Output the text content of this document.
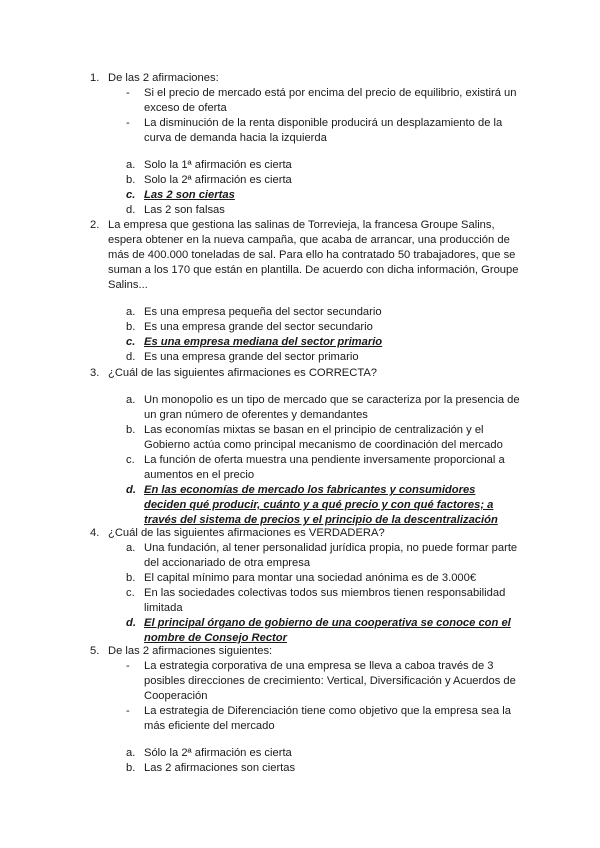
1. De las 2 afirmaciones:
- Si el precio de mercado está por encima del precio de equilibrio, existirá un exceso de oferta
- La disminución de la renta disponible producirá un desplazamiento de la curva de demanda hacia la izquierda
a. Solo la 1ª afirmación es cierta
b. Solo la 2ª afirmación es cierta
c. Las 2 son ciertas
d. Las 2 son falsas
2. La empresa que gestiona las salinas de Torrevieja, la francesa Groupe Salins, espera obtener en la nueva campaña, que acaba de arrancar, una producción de más de 400.000 toneladas de sal. Para ello ha contratado 50 trabajadores, que se suman a los 170 que están en plantilla. De acuerdo con dicha información, Groupe Salins...
a. Es una empresa pequeña del sector secundario
b. Es una empresa grande del sector secundario
c. Es una empresa mediana del sector primario
d. Es una empresa grande del sector primario
3. ¿Cuál de las siguientes afirmaciones es CORRECTA?
a. Un monopolio es un tipo de mercado que se caracteriza por la presencia de un gran número de oferentes y demandantes
b. Las economías mixtas se basan en el principio de centralización y el Gobierno actúa como principal mecanismo de coordinación del mercado
c. La función de oferta muestra una pendiente inversamente proporcional a aumentos en el precio
d. En las economías de mercado los fabricantes y consumidores deciden qué producir, cuánto y a qué precio y con qué factores; a través del sistema de precios y el principio de la descentralización
4. ¿Cuál de las siguientes afirmaciones es VERDADERA?
a. Una fundación, al tener personalidad jurídica propia, no puede formar parte del accionariado de otra empresa
b. El capital mínimo para montar una sociedad anónima es de 3.000€
c. En las sociedades colectivas todos sus miembros tienen responsabilidad limitada
d. El principal órgano de gobierno de una cooperativa se conoce con el nombre de Consejo Rector
5. De las 2 afirmaciones siguientes:
- La estrategia corporativa de una empresa se lleva a caboa través de 3 posibles direcciones de crecimiento: Vertical, Diversificación y Acuerdos de Cooperación
- La estrategia de Diferenciación tiene como objetivo que la empresa sea la más eficiente del mercado
a. Sólo la 2ª afirmación es cierta
b. Las 2 afirmaciones son ciertas
